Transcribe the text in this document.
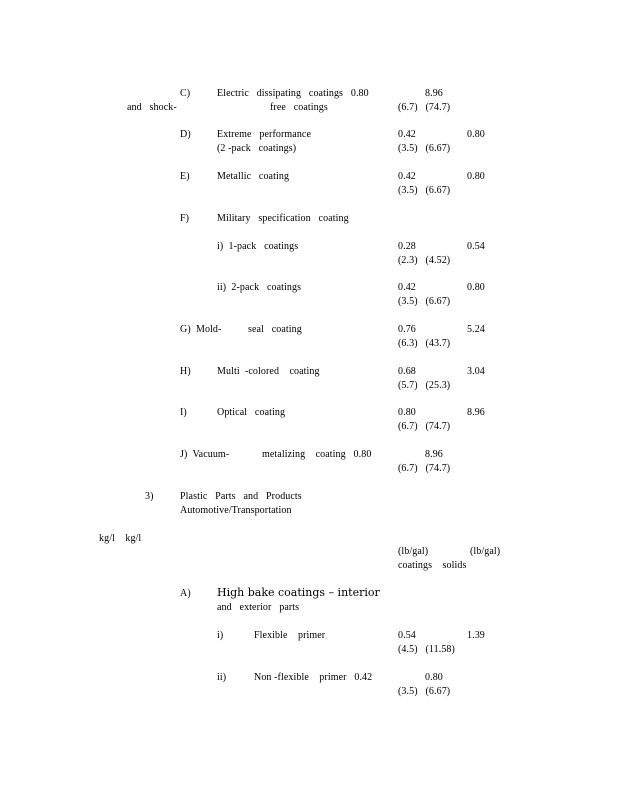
C)	Electric   dissipating   coatings   0.80	8.96
and   shock-	free   coatings	(6.7)   (74.7)
D)	Extreme   performance	0.42	0.80
(2 -pack   coatings)	(3.5)   (6.67)
E)	Metallic   coating	0.42	0.80
(3.5)   (6.67)
F)	Military   specification   coating
i)  1-pack   coatings	0.28	0.54
(2.3)   (4.52)
ii)  2-pack   coatings	0.42	0.80
(3.5)   (6.67)
G)  Mold-	seal   coating	0.76	5.24
(6.3)   (43.7)
H)	Multi  -colored    coating	0.68	3.04
(5.7)   (25.3)
I)	Optical   coating	0.80	8.96
(6.7)   (74.7)
J)  Vacuum-	metalizing    coating   0.80	8.96
(6.7)   (74.7)
3)	Plastic   Parts   and   Products
Automotive/Transportation
kg/l    kg/l
(lb/gal)	(lb/gal)
coatings    solids
A) High bake coatings – interior
and   exterior   parts
i)	Flexible    primer	0.54	1.39
(4.5)   (11.58)
ii)	Non -flexible    primer   0.42	0.80
(3.5)   (6.67)
